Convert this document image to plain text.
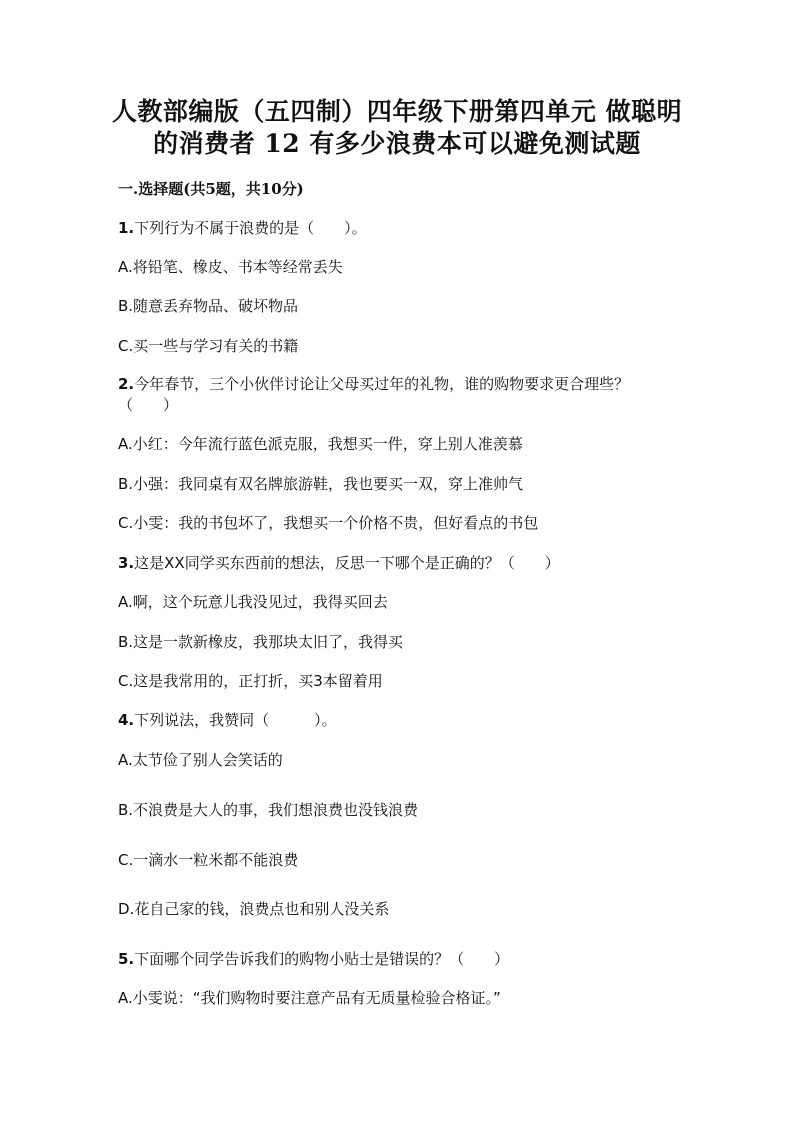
人教部编版（五四制）四年级下册第四单元 做聪明
的消费者 12 有多少浪费本可以避免测试题
一.选择题(共5题，共10分)
1.下列行为不属于浪费的是（　　）。
A.将铅笔、橡皮、书本等经常丢失
B.随意丢弃物品、破坏物品
C.买一些与学习有关的书籍
2.今年春节，三个小伙伴讨论让父母买过年的礼物，谁的购物要求更合理些？
（　　）
A.小红：今年流行蓝色派克服，我想买一件，穿上别人准羡慕
B.小强：我同桌有双名牌旅游鞋，我也要买一双，穿上准帅气
C.小雯：我的书包坏了，我想买一个价格不贵，但好看点的书包
3.这是XX同学买东西前的想法，反思一下哪个是正确的？（　　）
A.啊，这个玩意儿我没见过，我得买回去
B.这是一款新橡皮，我那块太旧了，我得买
C.这是我常用的，正打折，买3本留着用
4.下列说法，我赞同（　　　）。
A.太节俭了别人会笑话的
B.不浪费是大人的事，我们想浪费也没钱浪费
C.一滴水一粒米都不能浪费
D.花自己家的钱，浪费点也和别人没关系
5.下面哪个同学告诉我们的购物小贴士是错误的？（　　）
A.小雯说：“我们购物时要注意产品有无质量检验合格证。”
